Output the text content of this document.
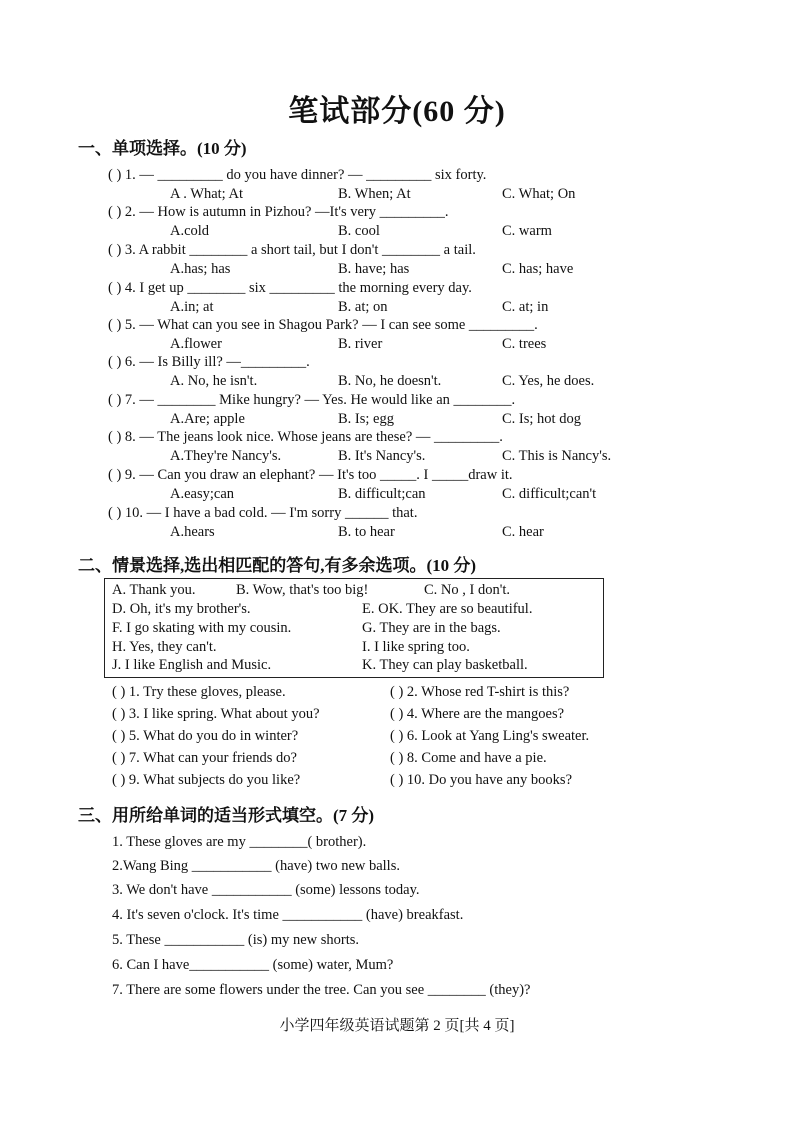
笔试部分(60 分)
一、单项选择。(10 分)
( ) 1. — _________ do you have dinner? — _________ six forty.
A . What; At	B. When; At	C. What; On
( ) 2. — How is autumn in Pizhou? —It's very _________.
A.cold	B. cool	C. warm
( ) 3. A rabbit ________ a short tail, but I don't ________ a tail.
A.has; has	B. have; has	C. has; have
( ) 4. I get up ________ six _________ the morning every day.
A.in; at	B. at; on	C. at; in
( ) 5. — What can you see in Shagou Park? — I can see some _________.
A.flower	B. river	C. trees
( ) 6. — Is Billy ill? —_________.
A. No, he isn't.	B. No, he doesn't.	C. Yes, he does.
( ) 7. — ________ Mike hungry? — Yes. He would like an ________.
A.Are; apple	B. Is; egg	C. Is; hot dog
( ) 8. — The jeans look nice. Whose jeans are these? — _________.
A.They're Nancy's.	B. It's Nancy's.	C. This is Nancy's.
( ) 9. — Can you draw an elephant? — It's too _____. I _____draw it.
A.easy;can	B. difficult;can	C. difficult;can't
( ) 10. — I have a bad cold. — I'm sorry ______ that.
A.hears	B. to hear	C. hear
二、情景选择,选出相匹配的答句,有多余选项。(10 分)
A. Thank you.	B. Wow, that's too big!	C. No , I don't.
D. Oh, it's my brother's.	E. OK. They are so beautiful.
F. I go skating with my cousin.	G. They are in the bags.
H. Yes, they can't.	I. I like spring too.
J. I like English and Music.	K. They can play basketball.
( ) 1. Try these gloves, please.	( ) 2. Whose red T-shirt is this?
( ) 3. I like spring. What about you?	( ) 4. Where are the mangoes?
( ) 5. What do you do in winter?	( ) 6. Look at Yang Ling's sweater.
( ) 7. What can your friends do?	( ) 8. Come and have a pie.
( ) 9. What subjects do you like?	( ) 10. Do you have any books?
三、用所给单词的适当形式填空。(7 分)
1. These gloves are my ________( brother).
2.Wang Bing ___________ (have) two new balls.
3. We don't have ___________ (some) lessons today.
4. It's seven o'clock. It's time ___________ (have) breakfast.
5. These ___________ (is) my new shorts.
6. Can I have___________ (some) water, Mum?
7. There are some flowers under the tree. Can you see ________ (they)?
小学四年级英语试题第 2 页[共 4 页]
